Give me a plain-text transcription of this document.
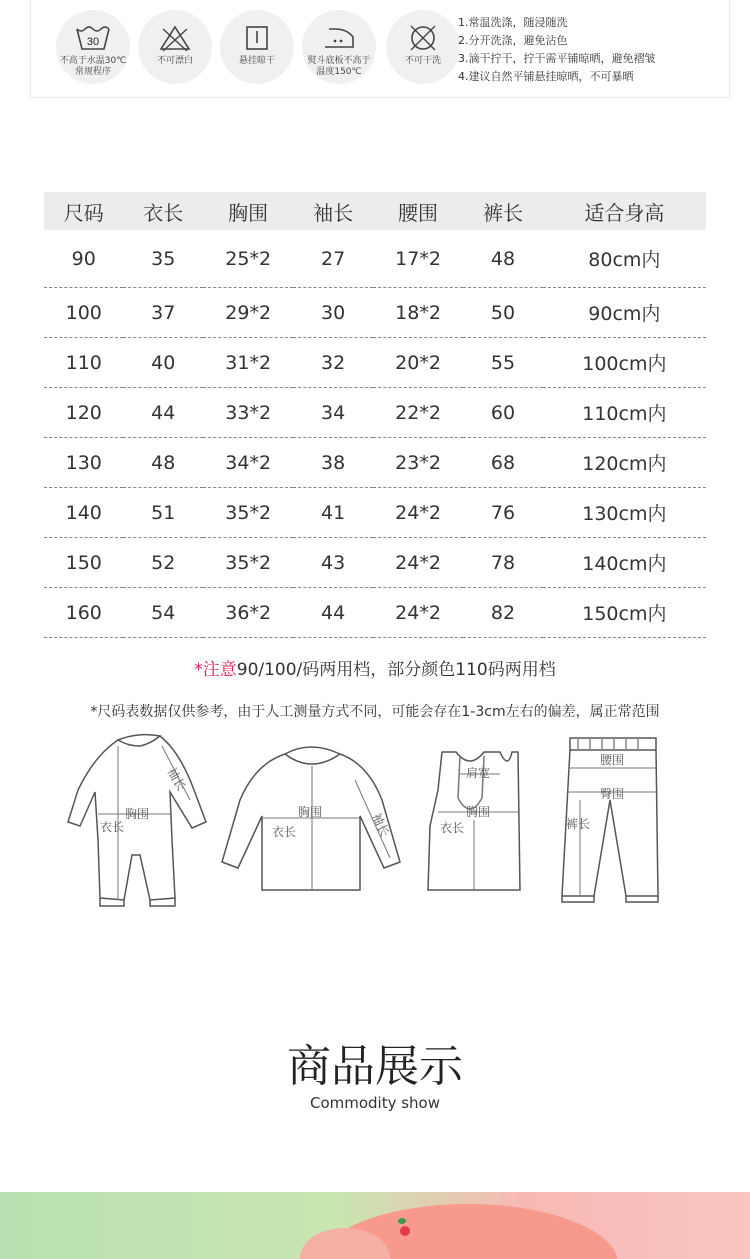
30
不高于水温30℃
常规程序
不可漂白	悬挂晾干	熨斗底板不高于
温度150℃
不可干洗
1.常温洗涤，随浸随洗
2.分开洗涤，避免沾色
3.滴干拧干，拧干需平铺晾晒，避免褶皱
4.建议自然平铺悬挂晾晒，不可暴晒
尺码	衣长	胸围	袖长	腰围	裤长	适合身高
90	35	25*2	27	17*2	48	80cm内
100	37	29*2	30	18*2	50	90cm内
110	40	31*2	32	20*2	55	100cm内
120	44	33*2	34	22*2	60	110cm内
130	48	34*2	38	23*2	68	120cm内
140	51	35*2	41	24*2	76	130cm内
150	52	35*2	43	24*2	78	140cm内
160	54	36*2	44	24*2	82	150cm内
*注意90/100/码两用档，部分颜色110码两用档
*尺码表数据仅供参考，由于人工测量方式不同，可能会存在1-3cm左右的偏差，属正常范围
胸围
衣长
袖长
胸围
衣长	袖长
肩宽
胸围
衣长
腰围
臀围
裤长
商品展示
Commodity show
